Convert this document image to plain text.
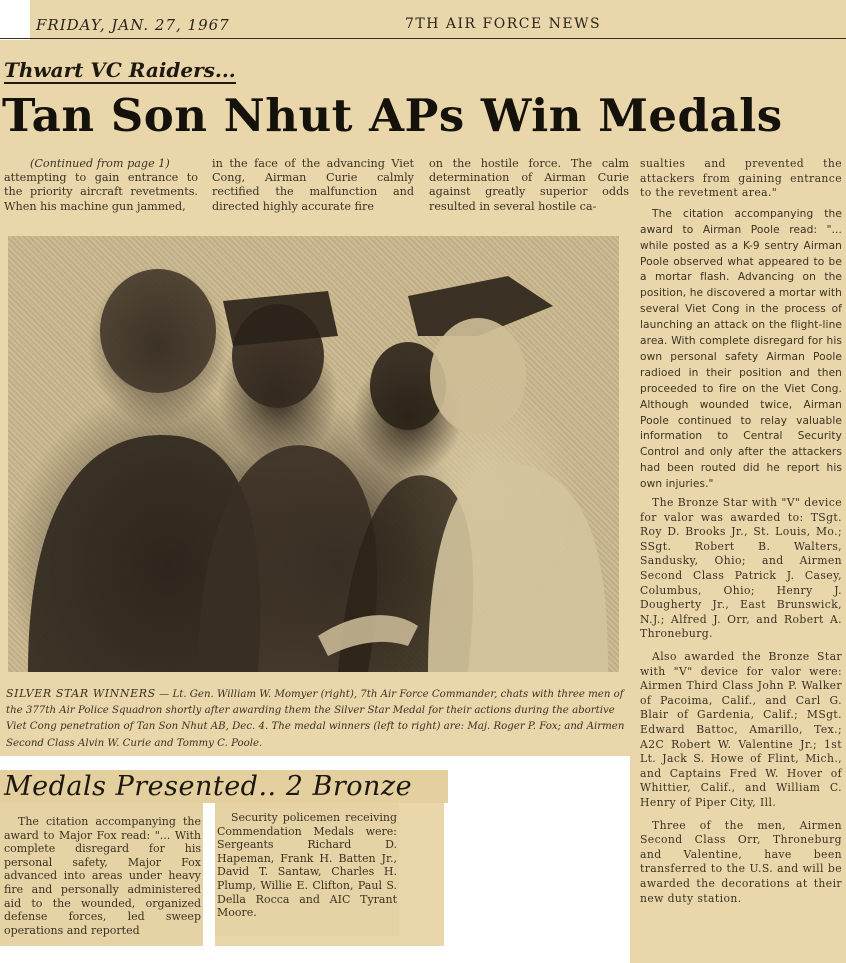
FRIDAY, JAN. 27, 1967	7TH AIR FORCE NEWS
Thwart VC Raiders...
Tan Son Nhut APs Win Medals

(Continued from page 1)

attempting to gain entrance to the priority aircraft revetments. When his machine gun jammed,

in the face of the advancing Viet Cong, Airman Curie calmly rectified the malfunction and directed highly accurate fire

on the hostile force. The calm determination of Airman Curie against greatly superior odds resulted in several hostile ca-

sualties and prevented the attackers from gaining entrance to the revetment area."

The citation accompanying the award to Airman Poole read: "... while posted as a K-9 sentry Airman Poole observed what appeared to be a mortar flash. Advancing on the position, he discovered a mortar with several Viet Cong in the process of launching an attack on the flight-line area. With complete disregard for his own personal safety Airman Poole radioed in their position and then proceeded to fire on the Viet Cong. Although wounded twice, Airman Poole continued to relay valuable information to Central Security Control and only after the attackers had been routed did he report his own injuries."

The Bronze Star with "V" device for valor was awarded to: TSgt. Roy D. Brooks Jr., St. Louis, Mo.; SSgt. Robert B. Walters, Sandusky, Ohio; and Airmen Second Class Patrick J. Casey, Columbus, Ohio; Henry J. Dougherty Jr., East Brunswick, N.J.; Alfred J. Orr, and Robert A. Throneburg.

Also awarded the Bronze Star with "V" device for valor were: Airmen Third Class John P. Walker of Pacoima, Calif., and Carl G. Blair of Gardenia, Calif.; MSgt. Edward Battoc, Amarillo, Tex.; A2C Robert W. Valentine Jr.; 1st Lt. Jack S. Howe of Flint, Mich., and Captains Fred W. Hover of Whittier, Calif., and William C. Henry of Piper City, Ill.

Three of the men, Airmen Second Class Orr, Throneburg and Valentine, have been transferred to the U.S. and will be awarded the decorations at their new duty station.

SILVER STAR WINNERS — Lt. Gen. William W. Momyer (right), 7th Air Force Commander, chats with three men of the 377th Air Police Squadron shortly after awarding them the Silver Star Medal for their actions during the abortive Viet Cong penetration of Tan Son Nhut AB, Dec. 4. The medal winners (left to right) are: Maj. Roger P. Fox; and Airmen Second Class Alvin W. Curie and Tommy C. Poole.
Medals Presented.. 2 Bronze

The citation accompanying the award to Major Fox read: "... With complete disregard for his personal safety, Major Fox advanced into areas under heavy fire and personally administered aid to the wounded, organized defense forces, led sweep operations and reported

Security policemen receiving Commendation Medals were: Sergeants Richard D. Hapeman, Frank H. Batten Jr., David T. Santaw, Charles H. Plump, Willie E. Clifton, Paul S. Della Rocca and AIC Tyrant Moore.
